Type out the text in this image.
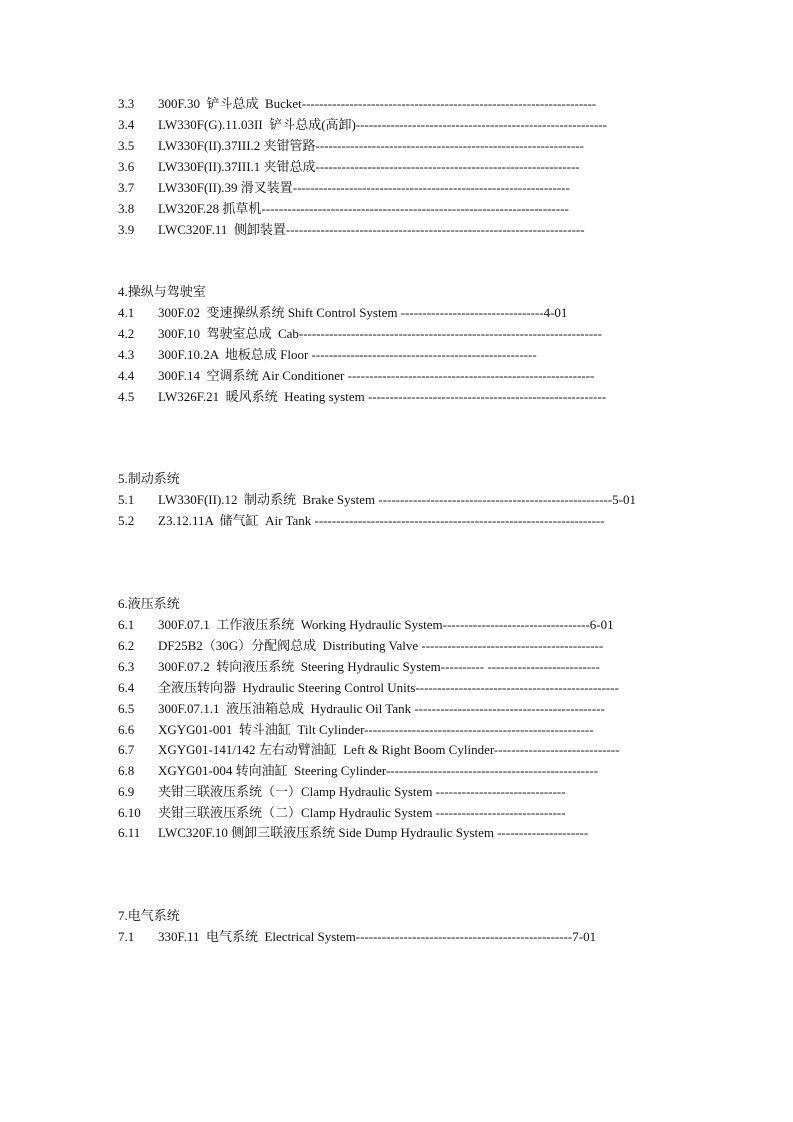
3.3 300F.30  铲斗总成  Bucket--------------------------------------------------------------------
3.4 LW330F(G).11.03II  铲斗总成(高卸)----------------------------------------------------------
3.5 LW330F(II).37III.2 夹钳管路--------------------------------------------------------------
3.6 LW330F(II).37III.1 夹钳总成-------------------------------------------------------------
3.7 LW330F(II).39 滑叉装置----------------------------------------------------------------
3.8 LW320F.28 抓草机-----------------------------------------------------------------------
3.9 LWC320F.11  侧卸装置---------------------------------------------------------------------
4.操纵与驾驶室
4.1 300F.02  变速操纵系统 Shift Control System ---------------------------------4-01
4.2 300F.10  驾驶室总成  Cab----------------------------------------------------------------------
4.3 300F.10.2A  地板总成 Floor ----------------------------------------------------
4.4 300F.14  空调系统 Air Conditioner ---------------------------------------------------------
4.5 LW326F.21  暖风系统  Heating system -------------------------------------------------------
5.制动系统
5.1 LW330F(II).12  制动系统  Brake System ------------------------------------------------------5-01
5.2 Z3.12.11A  储气缸  Air Tank -------------------------------------------------------------------
6.液压系统
6.1 300F.07.1  工作液压系统  Working Hydraulic System----------------------------------6-01
6.2 DF25B2（30G）分配阀总成  Distributing Valve ------------------------------------------
6.3 300F.07.2  转向液压系统  Steering Hydraulic System---------- --------------------------
6.4 全液压转向器  Hydraulic Steering Control Units-----------------------------------------------
6.5 300F.07.1.1  液压油箱总成  Hydraulic Oil Tank --------------------------------------------
6.6 XGYG01-001  转斗油缸  Tilt Cylinder-----------------------------------------------------
6.7 XGYG01-141/142 左右动臂油缸  Left & Right Boom Cylinder-----------------------------
6.8 XGYG01-004 转向油缸  Steering Cylinder-------------------------------------------------
6.9 夹钳三联液压系统（一）Clamp Hydraulic System ------------------------------
6.10 夹钳三联液压系统（二）Clamp Hydraulic System ------------------------------
6.11 LWC320F.10 侧卸三联液压系统 Side Dump Hydraulic System ---------------------
7.电气系统
7.1 330F.11  电气系统  Electrical System--------------------------------------------------7-01
